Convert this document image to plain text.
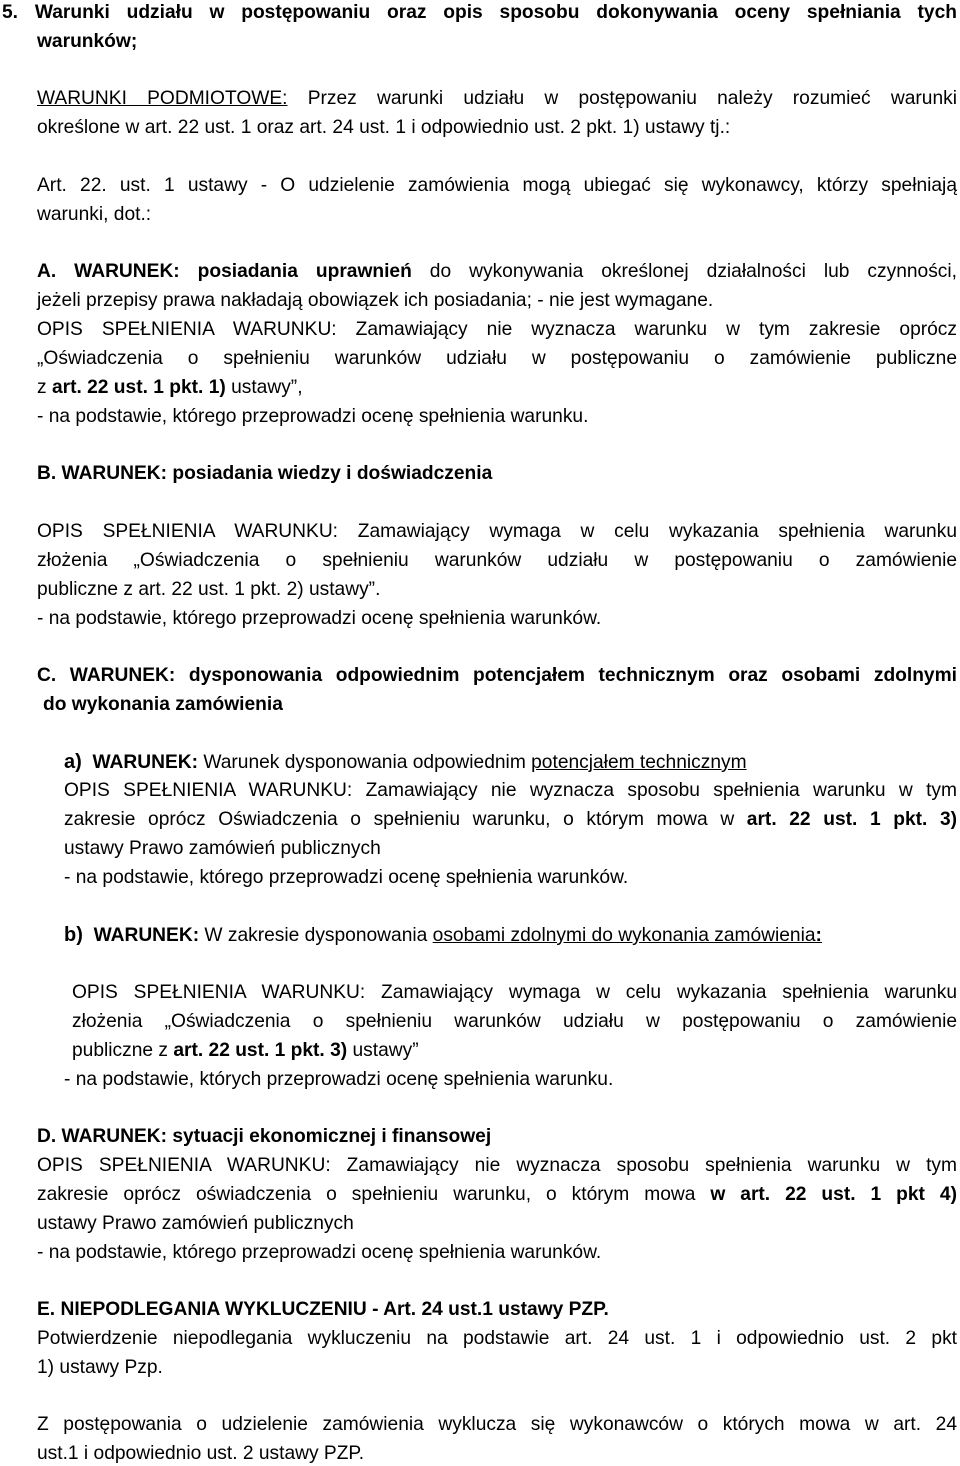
5. Warunki udziału w postępowaniu oraz opis sposobu dokonywania oceny spełniania tych
warunków;
WARUNKI PODMIOTOWE: Przez warunki udziału w postępowaniu należy rozumieć warunki
określone w art. 22 ust. 1 oraz art. 24 ust. 1 i odpowiednio ust. 2 pkt. 1) ustawy tj.:
Art. 22. ust. 1 ustawy - O udzielenie zamówienia mogą ubiegać się wykonawcy, którzy spełniają
warunki, dot.:
A. WARUNEK: posiadania uprawnień do wykonywania określonej działalności lub czynności,
jeżeli przepisy prawa nakładają obowiązek ich posiadania; - nie jest wymagane.
OPIS SPEŁNIENIA WARUNKU: Zamawiający nie wyznacza warunku w tym zakresie oprócz
„Oświadczenia o spełnieniu warunków udziału w postępowaniu o zamówienie publiczne
z art. 22 ust. 1 pkt. 1) ustawy”,
- na podstawie, którego przeprowadzi ocenę spełnienia warunku.
B. WARUNEK: posiadania wiedzy i doświadczenia
OPIS SPEŁNIENIA WARUNKU: Zamawiający wymaga w celu wykazania spełnienia warunku
złożenia „Oświadczenia o spełnieniu warunków udziału w postępowaniu o zamówienie
publiczne z art. 22 ust. 1 pkt. 2) ustawy”.
- na podstawie, którego przeprowadzi ocenę spełnienia warunków.
C. WARUNEK: dysponowania odpowiednim potencjałem technicznym oraz osobami zdolnymi
do wykonania zamówienia
a) WARUNEK: Warunek dysponowania odpowiednim potencjałem technicznym
OPIS SPEŁNIENIA WARUNKU: Zamawiający nie wyznacza sposobu spełnienia warunku w tym
zakresie oprócz Oświadczenia o spełnieniu warunku, o którym mowa w art. 22 ust. 1 pkt. 3)
ustawy Prawo zamówień publicznych
- na podstawie, którego przeprowadzi ocenę spełnienia warunków.
b) WARUNEK: W zakresie dysponowania osobami zdolnymi do wykonania zamówienia:
OPIS SPEŁNIENIA WARUNKU: Zamawiający wymaga w celu wykazania spełnienia warunku
złożenia „Oświadczenia o spełnieniu warunków udziału w postępowaniu o zamówienie
publiczne z art. 22 ust. 1 pkt. 3) ustawy”
- na podstawie, których przeprowadzi ocenę spełnienia warunku.
D. WARUNEK: sytuacji ekonomicznej i finansowej
OPIS SPEŁNIENIA WARUNKU: Zamawiający nie wyznacza sposobu spełnienia warunku w tym
zakresie oprócz oświadczenia o spełnieniu warunku, o którym mowa w art. 22 ust. 1 pkt 4)
ustawy Prawo zamówień publicznych
- na podstawie, którego przeprowadzi ocenę spełnienia warunków.
E. NIEPODLEGANIA WYKLUCZENIU - Art. 24 ust.1 ustawy PZP.
Potwierdzenie niepodlegania wykluczeniu na podstawie art. 24 ust. 1 i odpowiednio ust. 2 pkt
1) ustawy Pzp.
Z postępowania o udzielenie zamówienia wyklucza się wykonawców o których mowa w art. 24
ust.1 i odpowiednio ust. 2 ustawy PZP.
